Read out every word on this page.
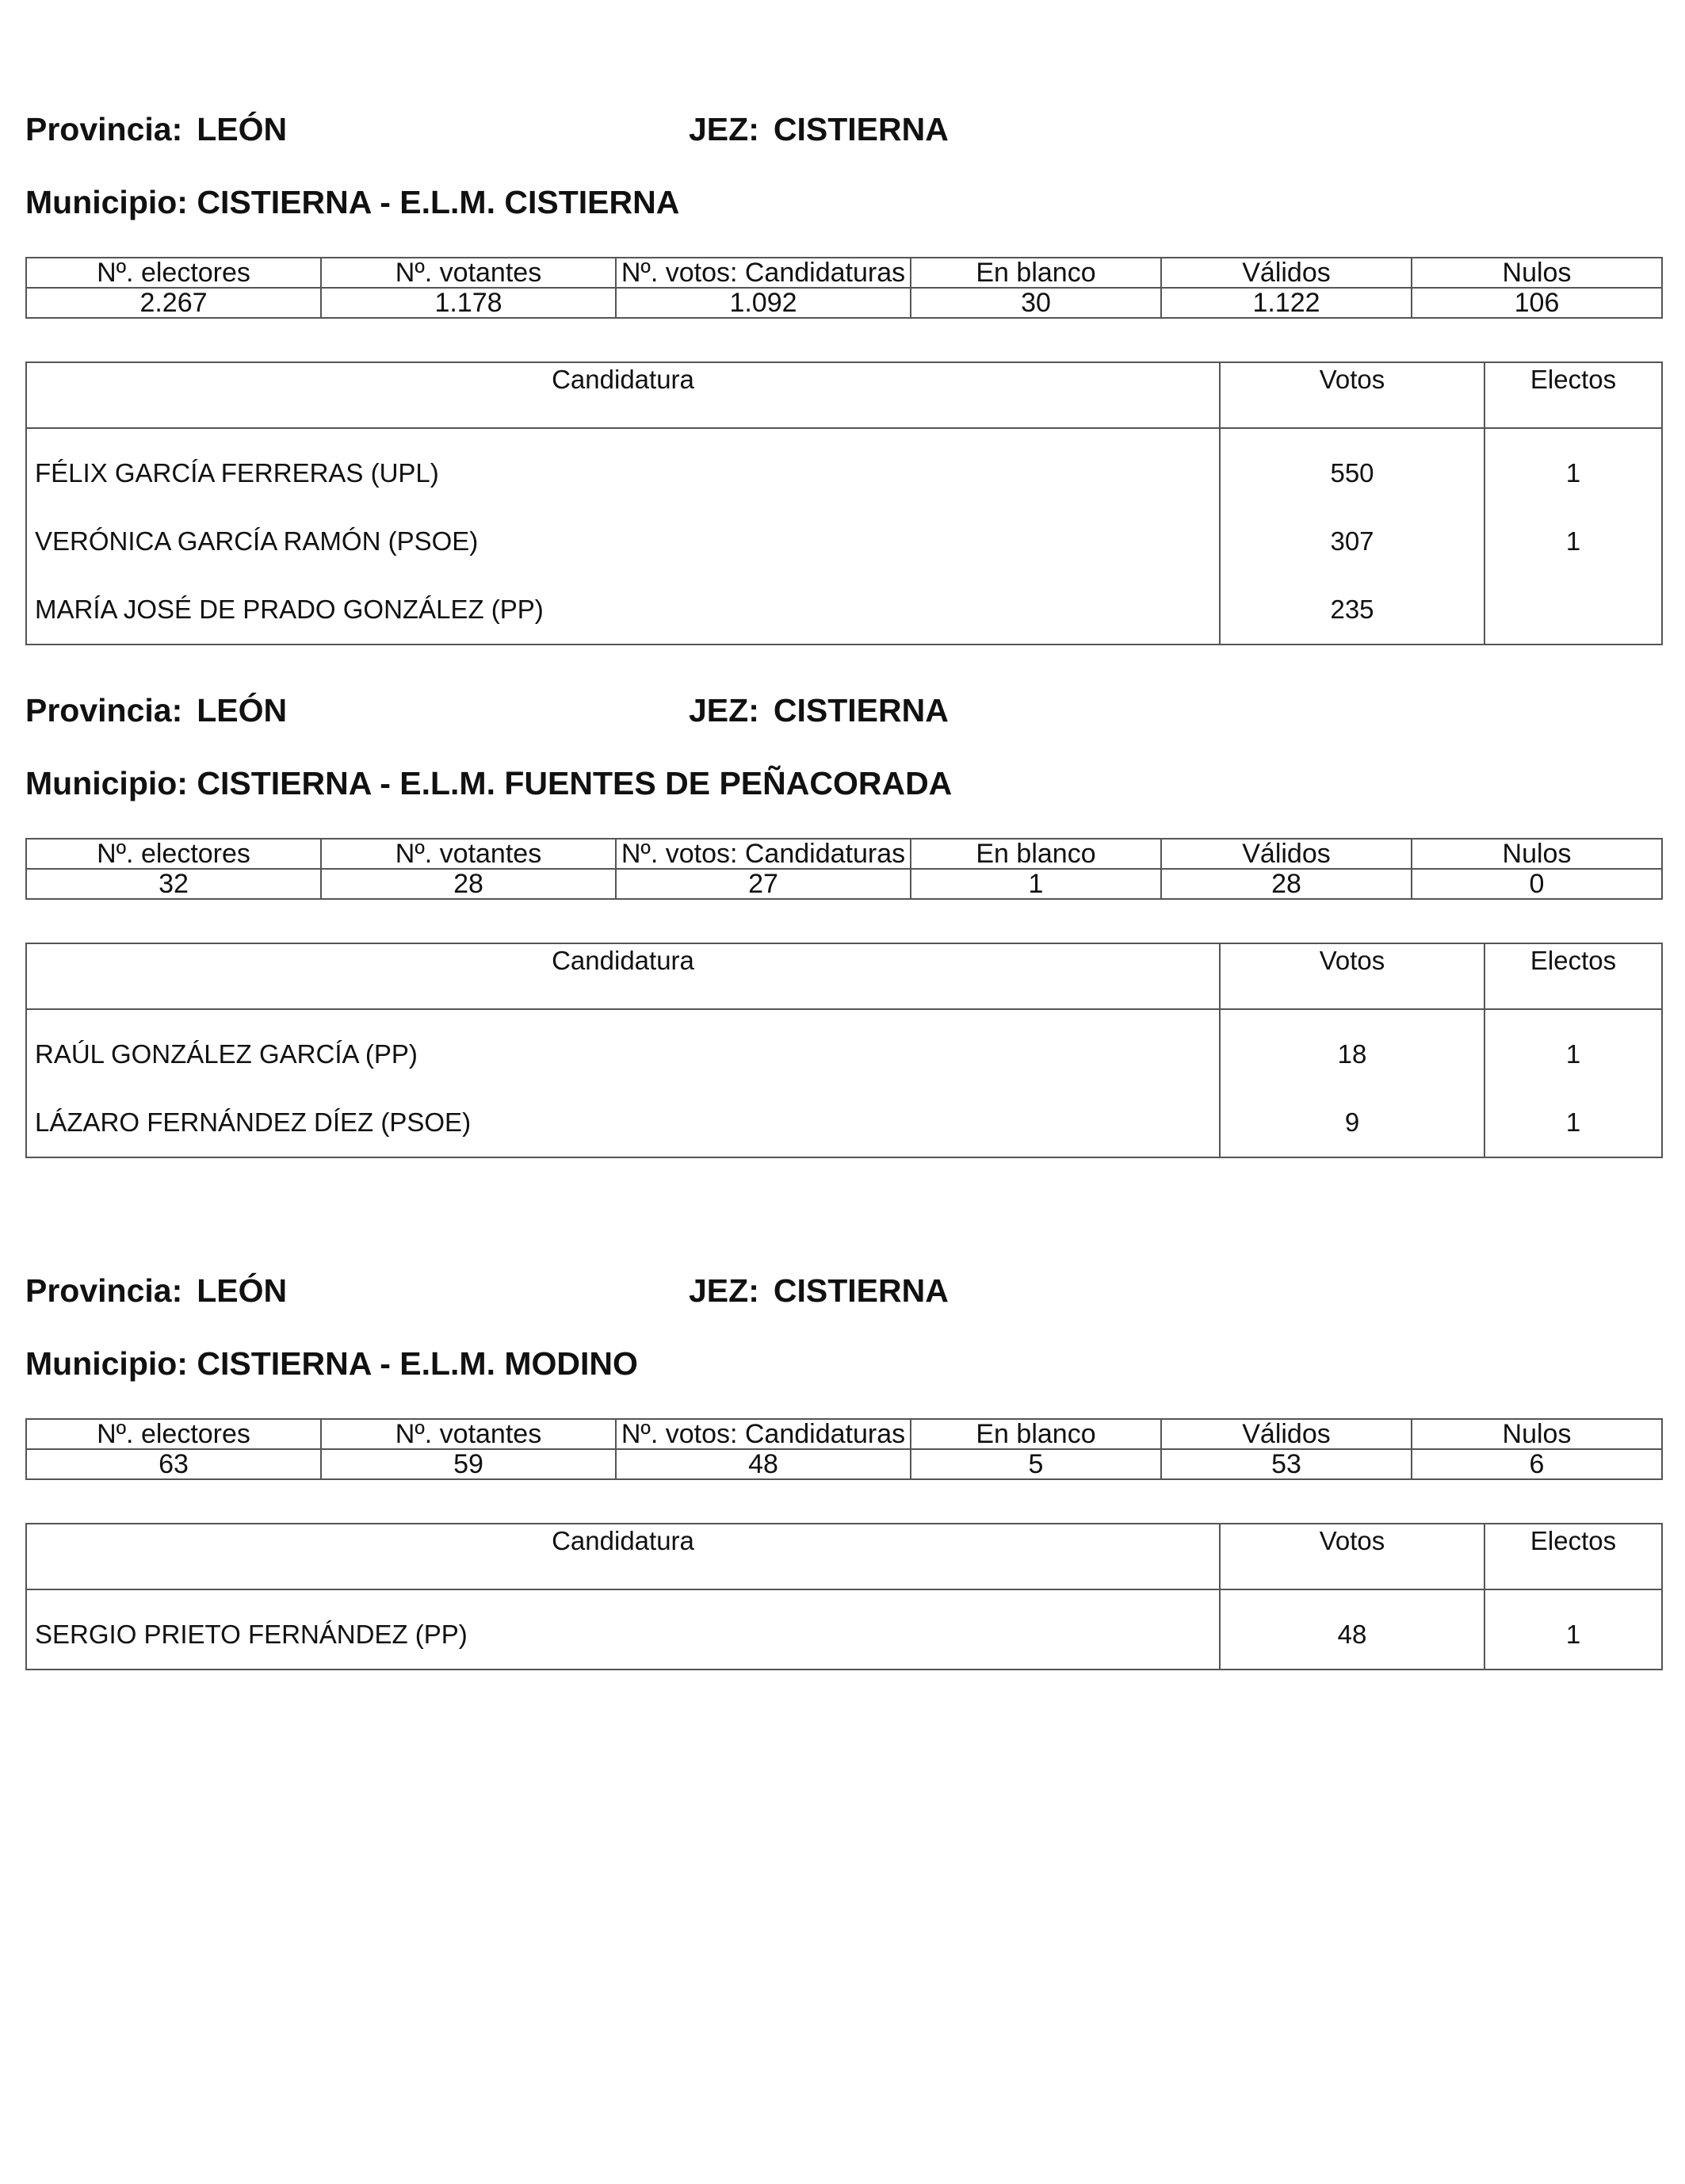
Provincia: LEÓN	JEZ: CISTIERNA
Municipio: CISTIERNA - E.L.M. CISTIERNA
Nº. electores	Nº. votantes	Nº. votos: Candidaturas	En blanco	Válidos	Nulos
2.267	1.178	1.092	30	1.122	106
Candidatura	Votos	Electos
FÉLIX GARCÍA FERRERAS (UPL)	550	1
VERÓNICA GARCÍA RAMÓN (PSOE)	307	1
MARÍA JOSÉ DE PRADO GONZÁLEZ (PP)	235	
Provincia: LEÓN	JEZ: CISTIERNA
Municipio: CISTIERNA - E.L.M. FUENTES DE PEÑACORADA
Nº. electores	Nº. votantes	Nº. votos: Candidaturas	En blanco	Válidos	Nulos
32	28	27	1	28	0
Candidatura	Votos	Electos
RAÚL GONZÁLEZ GARCÍA (PP)	18	1
LÁZARO FERNÁNDEZ DÍEZ (PSOE)	9	1
Provincia: LEÓN	JEZ: CISTIERNA
Municipio: CISTIERNA - E.L.M. MODINO
Nº. electores	Nº. votantes	Nº. votos: Candidaturas	En blanco	Válidos	Nulos
63	59	48	5	53	6
Candidatura	Votos	Electos
SERGIO PRIETO FERNÁNDEZ (PP)	48	1
